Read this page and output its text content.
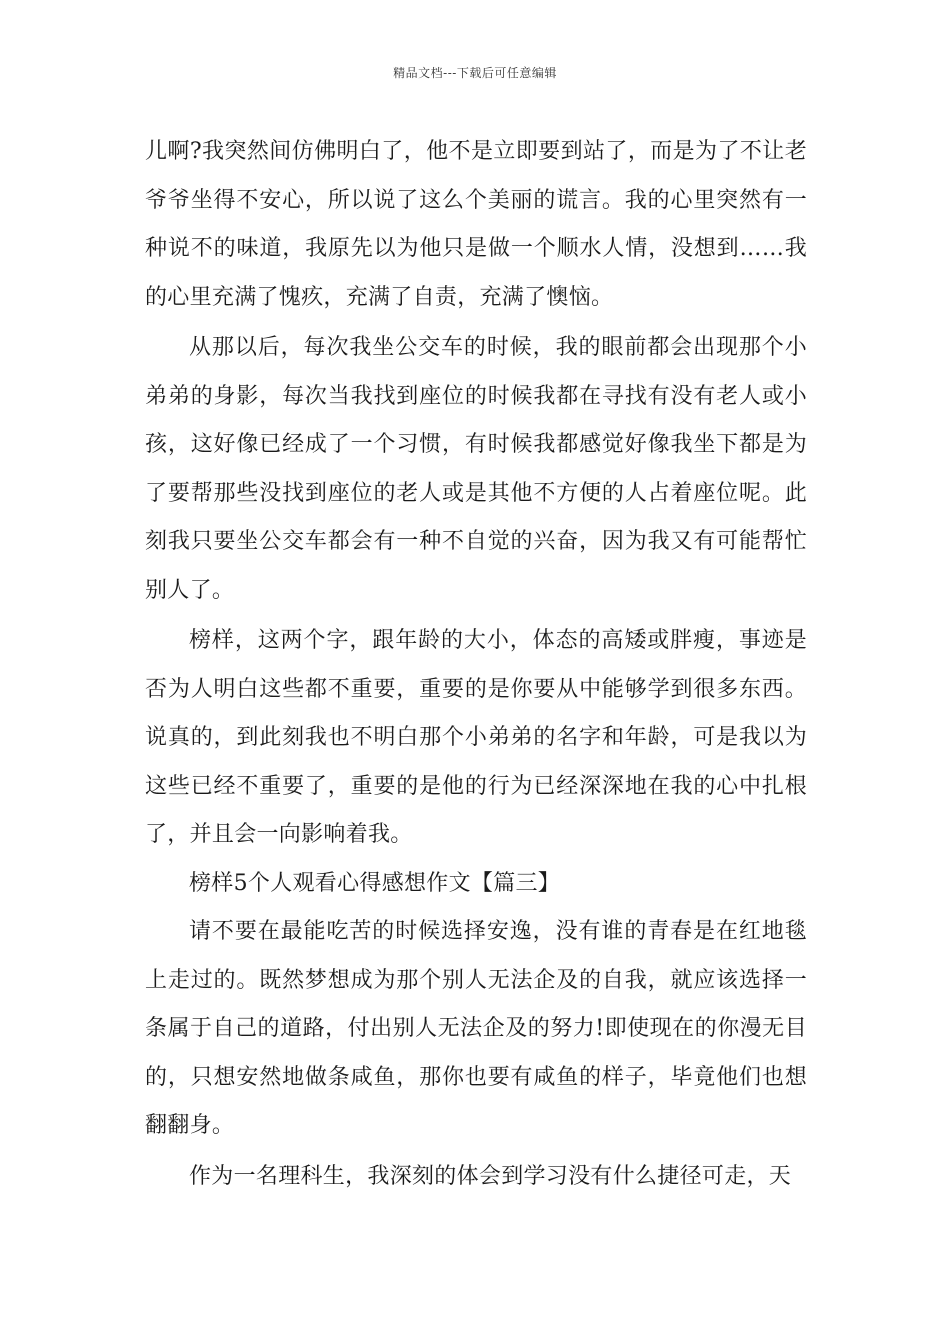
精品文档---下载后可任意编辑

儿啊?我突然间仿佛明白了，他不是立即要到站了，而是为了不让老爷爷坐得不安心，所以说了这么个美丽的谎言。我的心里突然有一种说不的味道，我原先以为他只是做一个顺水人情，没想到……我的心里充满了愧疚，充满了自责，充满了懊恼。

从那以后，每次我坐公交车的时候，我的眼前都会出现那个小弟弟的身影，每次当我找到座位的时候我都在寻找有没有老人或小孩，这好像已经成了一个习惯，有时候我都感觉好像我坐下都是为了要帮那些没找到座位的老人或是其他不方便的人占着座位呢。此刻我只要坐公交车都会有一种不自觉的兴奋，因为我又有可能帮忙别人了。

榜样，这两个字，跟年龄的大小，体态的高矮或胖瘦，事迹是否为人明白这些都不重要，重要的是你要从中能够学到很多东西。说真的，到此刻我也不明白那个小弟弟的名字和年龄，可是我以为这些已经不重要了，重要的是他的行为已经深深地在我的心中扎根了，并且会一向影响着我。

榜样5个人观看心得感想作文【篇三】

请不要在最能吃苦的时候选择安逸，没有谁的青春是在红地毯上走过的。既然梦想成为那个别人无法企及的自我，就应该选择一条属于自己的道路，付出别人无法企及的努力!即使现在的你漫无目的，只想安然地做条咸鱼，那你也要有咸鱼的样子，毕竟他们也想翻翻身。

作为一名理科生，我深刻的体会到学习没有什么捷径可走，天
